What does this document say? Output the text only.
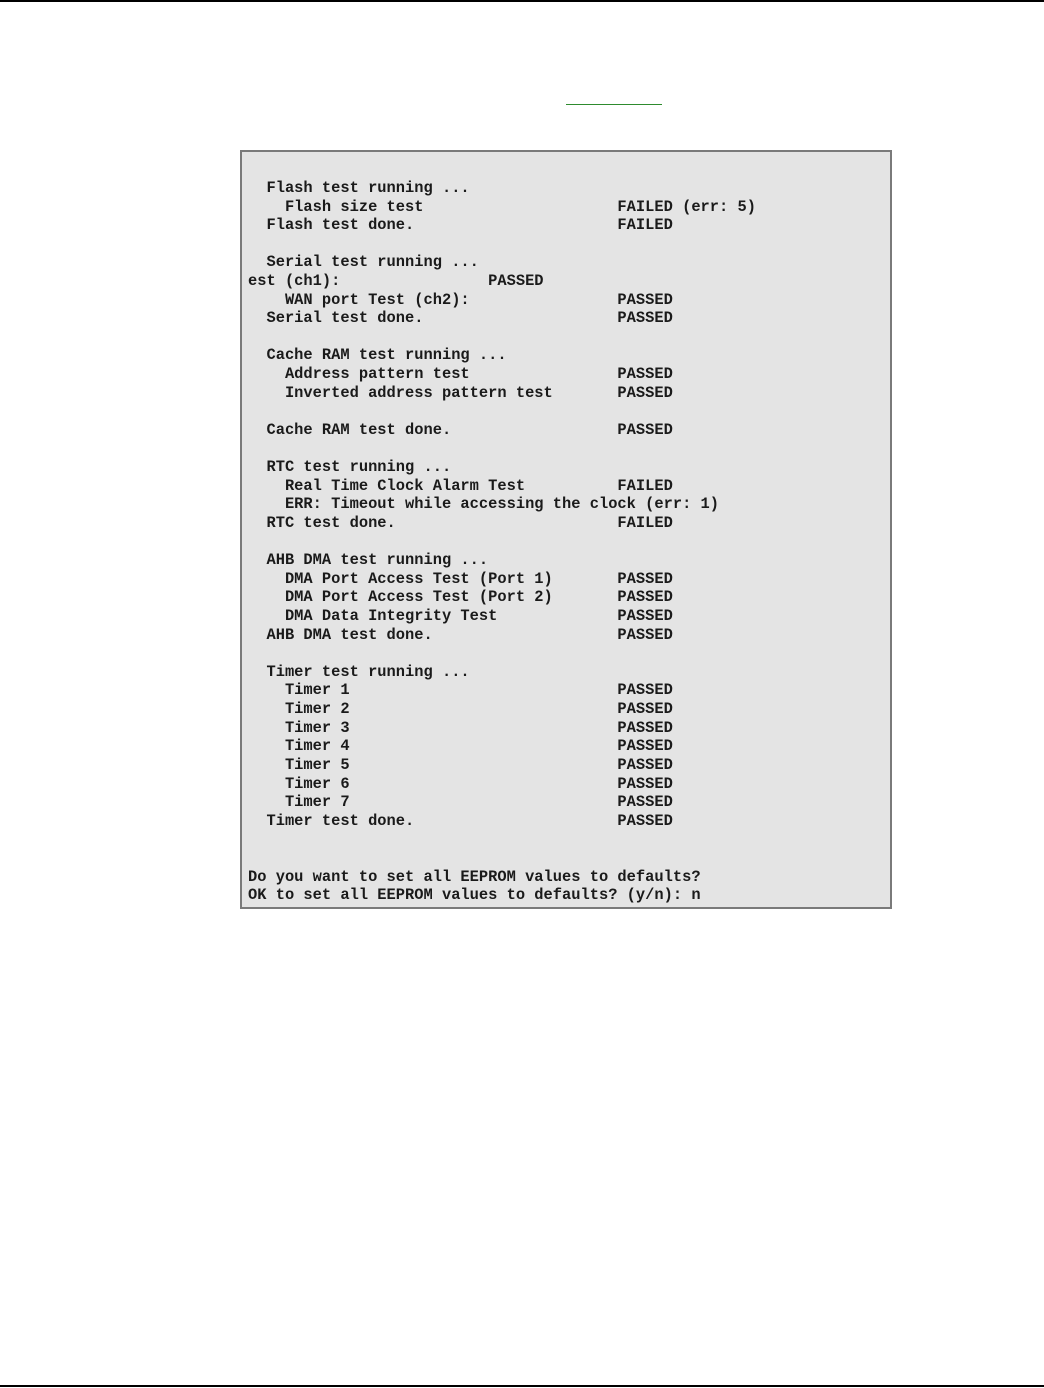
Flash test running ...
Flash size test                     FAILED (err: 5)
Flash test done.                      FAILED
Serial test running ...
est (ch1):                PASSED
WAN port Test (ch2):                PASSED
Serial test done.                     PASSED
Cache RAM test running ...
Address pattern test                PASSED
Inverted address pattern test       PASSED
Cache RAM test done.                  PASSED
RTC test running ...
Real Time Clock Alarm Test          FAILED
ERR: Timeout while accessing the clock (err: 1)
RTC test done.                        FAILED
AHB DMA test running ...
DMA Port Access Test (Port 1)       PASSED
DMA Port Access Test (Port 2)       PASSED
DMA Data Integrity Test             PASSED
AHB DMA test done.                    PASSED
Timer test running ...
Timer 1                             PASSED
Timer 2                             PASSED
Timer 3                             PASSED
Timer 4                             PASSED
Timer 5                             PASSED
Timer 6                             PASSED
Timer 7                             PASSED
Timer test done.                      PASSED
Do you want to set all EEPROM values to defaults?
OK to set all EEPROM values to defaults? (y/n): n
